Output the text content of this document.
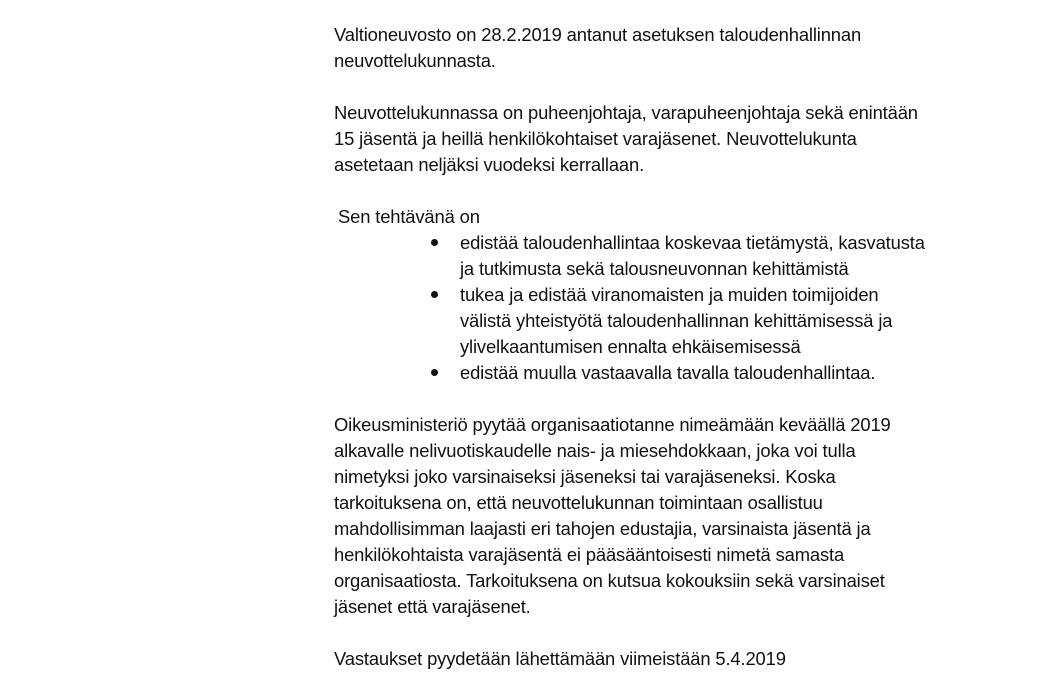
Valtioneuvosto on 28.2.2019 antanut asetuksen taloudenhallinnan
neuvottelukunnasta.

Neuvottelukunnassa on puheenjohtaja, varapuheenjohtaja sekä enintään
15 jäsentä ja heillä henkilökohtaiset varajäsenet. Neuvottelukunta
asetetaan neljäksi vuodeksi kerrallaan.

Sen tehtävänä on

edistää taloudenhallintaa koskevaa tietämystä, kasvatusta
ja tutkimusta sekä talousneuvonnan kehittämistä
tukea ja edistää viranomaisten ja muiden toimijoiden
välistä yhteistyötä taloudenhallinnan kehittämisessä ja
ylivelkaantumisen ennalta ehkäisemisessä
edistää muulla vastaavalla tavalla taloudenhallintaa.

Oikeusministeriö pyytää organisaatiotanne nimeämään keväällä 2019
alkavalle nelivuotiskaudelle nais- ja miesehdokkaan, joka voi tulla
nimetyksi joko varsinaiseksi jäseneksi tai varajäseneksi. Koska
tarkoituksena on, että neuvottelukunnan toimintaan osallistuu
mahdollisimman laajasti eri tahojen edustajia, varsinaista jäsentä ja
henkilökohtaista varajäsentä ei pääsääntoisesti nimetä samasta
organisaatiosta. Tarkoituksena on kutsua kokouksiin sekä varsinaiset
jäsenet että varajäsenet.

Vastaukset pyydetään lähettämään viimeistään 5.4.2019
